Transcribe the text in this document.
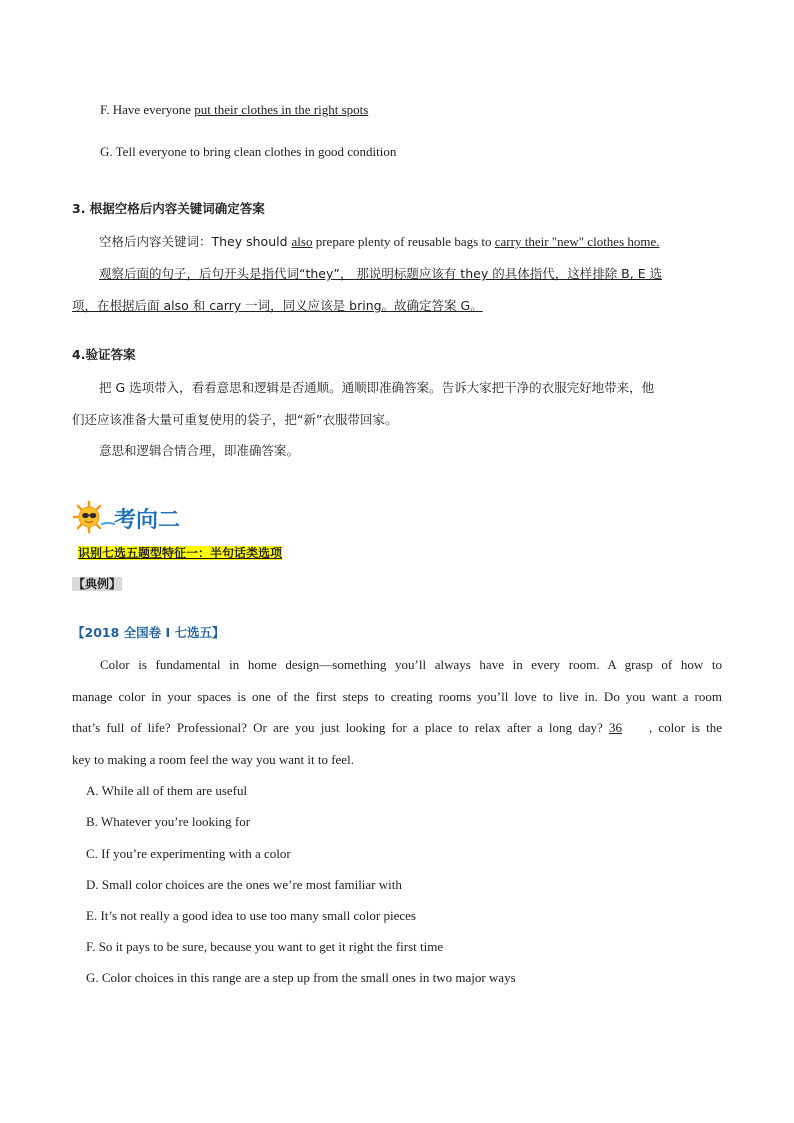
F. Have everyone put their clothes in the right spots
G. Tell everyone to bring clean clothes in good condition
3. 根据空格后内容关键词确定答案
空格后内容关键词：They should also prepare plenty of reusable bags to carry their "new" clothes home.
观察后面的句子，后句开头是指代词“they”， 那说明标题应该有 they 的具体指代，这样排除 B, E 选
项，在根据后面 also 和 carry 一词，同义应该是 bring。故确定答案 G。
4.验证答案
把 G 选项带入，看看意思和逻辑是否通顺。通顺即准确答案。告诉大家把干净的衣服完好地带来，他
们还应该准备大量可重复使用的袋子，把“新”衣服带回家。
意思和逻辑合情合理，即准确答案。
考向二
识别七选五题型特征一：半句话类选项
【典例】
【2018 全国卷 I 七选五】
Color is fundamental in home design—something you’ll always have in every room. A grasp of how to
manage color in your spaces is one of the first steps to creating rooms you’ll love to live in. Do you want a room
that’s full of life? Professional? Or are you just looking for a place to relax after a long day? 36 , color is the
key to making a room feel the way you want it to feel.
A. While all of them are useful
B. Whatever you’re looking for
C. If you’re experimenting with a color
D. Small color choices are the ones we’re most familiar with
E. It’s not really a good idea to use too many small color pieces
F. So it pays to be sure, because you want to get it right the first time
G. Color choices in this range are a step up from the small ones in two major ways
